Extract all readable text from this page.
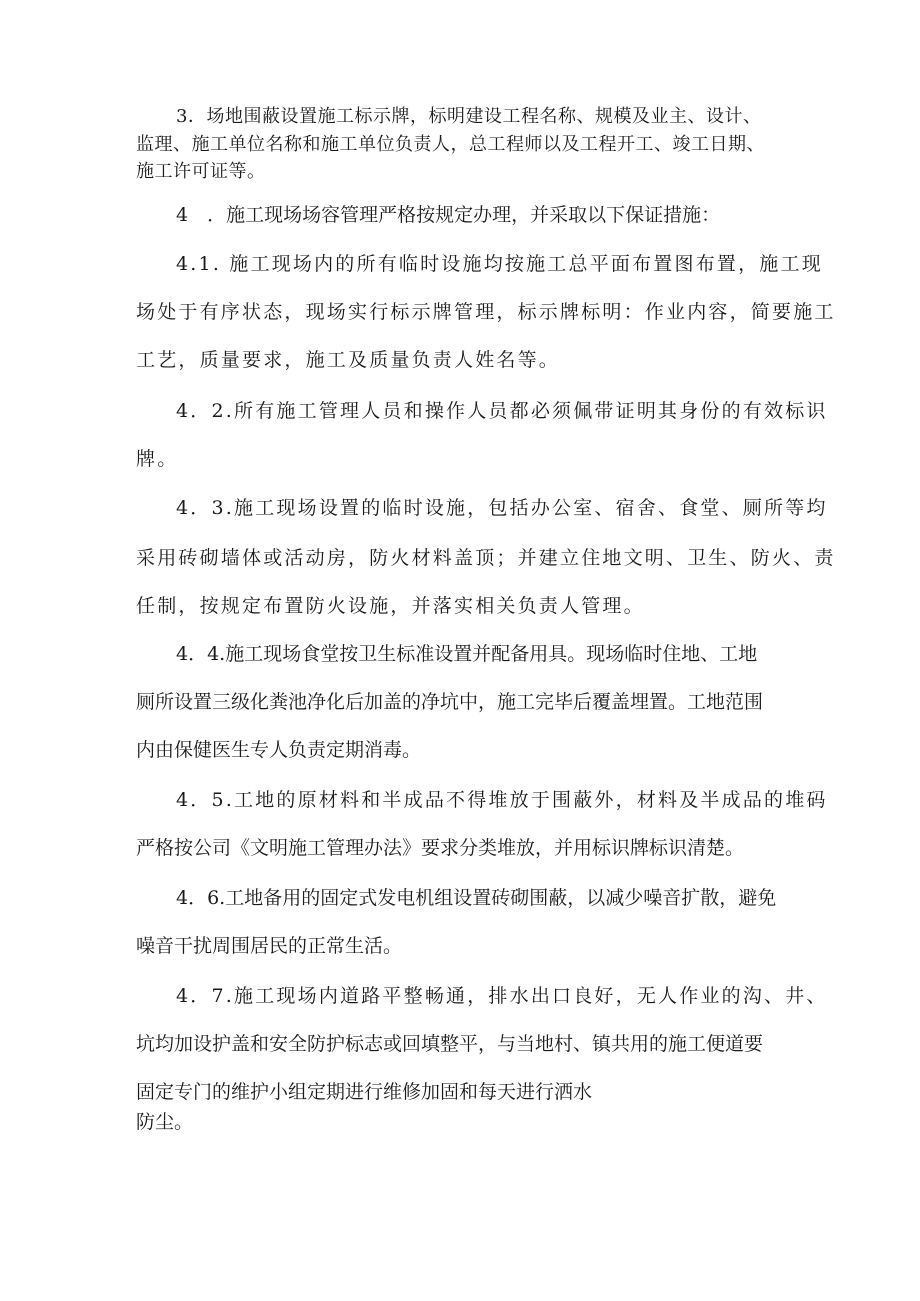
3．场地围蔽设置施工标示牌，标明建设工程名称、规模及业主、设计、
监理、施工单位名称和施工单位负责人，总工程师以及工程开工、竣工日期、
施工许可证等。
4　．施工现场场容管理严格按规定办理，并采取以下保证措施：
4.1. 施工现场内的所有临时设施均按施工总平面布置图布置，施工现
场处于有序状态，现场实行标示牌管理，标示牌标明：作业内容，简要施工
工艺，质量要求，施工及质量负责人姓名等。
4．2.所有施工管理人员和操作人员都必须佩带证明其身份的有效标识
牌。
4．3.施工现场设置的临时设施，包括办公室、宿舍、食堂、厕所等均
采用砖砌墙体或活动房，防火材料盖顶；并建立住地文明、卫生、防火、责
任制，按规定布置防火设施，并落实相关负责人管理。
4．4.施工现场食堂按卫生标准设置并配备用具。现场临时住地、工地
厕所设置三级化粪池净化后加盖的净坑中，施工完毕后覆盖埋置。工地范围
内由保健医生专人负责定期消毒。
4．5.工地的原材料和半成品不得堆放于围蔽外，材料及半成品的堆码
严格按公司《文明施工管理办法》要求分类堆放，并用标识牌标识清楚。
4．6.工地备用的固定式发电机组设置砖砌围蔽，以减少噪音扩散，避免
噪音干扰周围居民的正常生活。
4．7.施工现场内道路平整畅通，排水出口良好，无人作业的沟、井、
坑均加设护盖和安全防护标志或回填整平，与当地村、镇共用的施工便道要
固定专门的维护小组定期进行维修加固和每天进行洒水
防尘。
